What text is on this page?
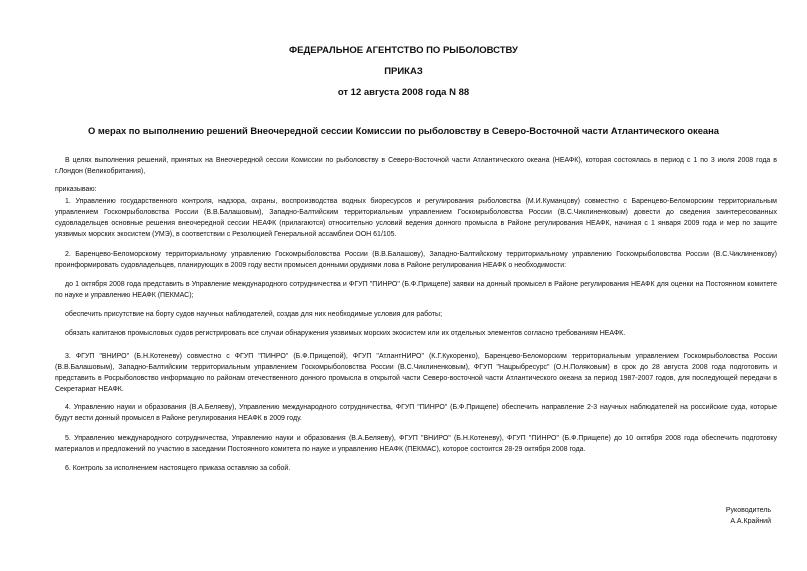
ФЕДЕРАЛЬНОЕ АГЕНТСТВО ПО РЫБОЛОВСТВУ
ПРИКАЗ
от 12 августа 2008 года N 88
О мерах по выполнению решений Внеочередной сессии Комиссии по рыболовству в Северо-Восточной части Атлантического океана
В целях выполнения решений, принятых на Внеочередной сессии Комиссии по рыболовству в Северо-Восточной части Атлантического океана (НЕАФК), которая состоялась в период с 1 по 3 июля 2008 года в г.Лондон (Великобритания),
приказываю:
1. Управлению государственного контроля, надзора, охраны, воспроизводства водных биоресурсов и регулирования рыболовства (М.И.Куманцову) совместно с Баренцево-Беломорским территориальным управлением Госкомрыболовства России (В.В.Балашовым), Западно-Балтийским территориальным управлением Госкомрыболовства России (В.С.Чиклиненковым) довести до сведения заинтересованных судовладельцев основные решения внеочередной сессии НЕАФК (прилагаются) относительно условий ведения донного промысла в Районе регулирования НЕАФК, начиная с 1 января 2009 года и мер по защите уязвимых морских экосистем (УМЭ), в соответствии с Резолюцией Генеральной ассамблеи ООН 61/105.
2. Баренцево-Беломорскому территориальному управлению Госкомрыболовства России (В.В.Балашову), Западно-Балтийскому территориальному управлению Госкомрыболовства России (В.С.Чиклиненкову) проинформировать судовладельцев, планирующих в 2009 году вести промысел донными орудиями лова в Районе регулирования НЕАФК о необходимости:
до 1 октября 2008 года представить в Управление международного сотрудничества и ФГУП "ПИНРО" (Б.Ф.Прищепе) заявки на донный промысел в Районе регулирования НЕАФК для оценки на Постоянном комитете по науке и управлению НЕАФК (ПЕКМАС);
обеспечить присутствие на борту судов научных наблюдателей, создав для них необходимые условия для работы;
обязать капитанов промысловых судов регистрировать все случаи обнаружения уязвимых морских экосистем или их отдельных элементов согласно требованиям НЕАФК.
3. ФГУП "ВНИРО" (Б.Н.Котеневу) совместно с ФГУП "ПИНРО" (Б.Ф.Прищепой), ФГУП "АтлантНИРО" (К.Г.Кукоренко), Баренцево-Беломорским территориальным управлением Госкомрыболовства России (В.В.Балашовым), Западно-Балтийским территориальным управлением Госкомрыболовства России (В.С.Чиклиненковым), ФГУП "Нацрыбресурс" (О.Н.Поляковым) в срок до 28 августа 2008 года подготовить и представить в Росрыболовство информацию по районам отечественного донного промысла в открытой части Северо-восточной части Атлантического океана за период 1987-2007 годов, для последующей передачи в Секретариат НЕАФК.
4. Управлению науки и образования (В.А.Беляеву), Управлению международного сотрудничества, ФГУП "ПИНРО" (Б.Ф.Прищепе) обеспечить направление 2-3 научных наблюдателей на российские суда, которые будут вести донный промысел в Районе регулирования НЕАФК в 2009 году.
5. Управлению международного сотрудничества, Управлению науки и образования (В.А.Беляеву), ФГУП "ВНИРО" (Б.Н.Котеневу), ФГУП "ПИНРО" (Б.Ф.Прищепе) до 10 октября 2008 года обеспечить подготовку материалов и предложений по участию в заседании Постоянного комитета по науке и управлению НЕАФК (ПЕКМАС), которое состоится 28-29 октября 2008 года.
6. Контроль за исполнением настоящего приказа оставляю за собой.
Руководитель
А.А.Крайний
